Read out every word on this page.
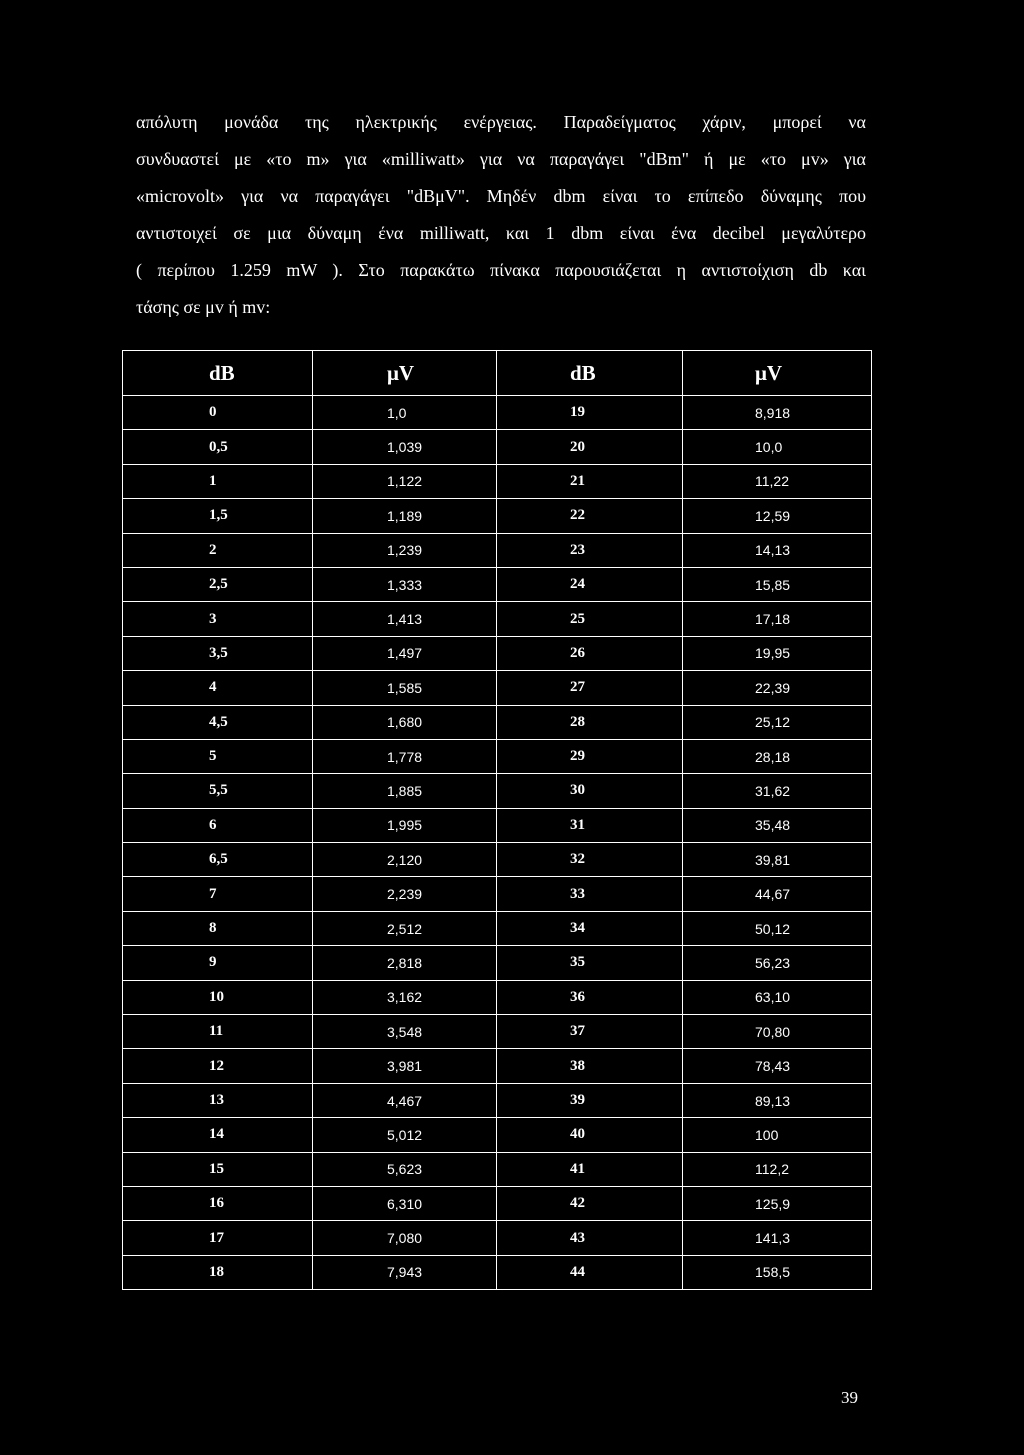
απόλυτη μονάδα της ηλεκτρικής ενέργειας. Παραδείγματος χάριν, μπορεί να
συνδυαστεί με «το m» για «milliwatt» για να παραγάγει "dBm" ή με «το μv» για
«microvolt» για να παραγάγει "dBμV". Μηδέν dbm είναι το επίπεδο δύναμης που
αντιστοιχεί σε μια δύναμη ένα milliwatt, και 1 dbm είναι ένα decibel μεγαλύτερο
( περίπου 1.259 mW ). Στο παρακάτω πίνακα παρουσιάζεται η αντιστοίχιση db και
τάσης σε μv ή mv:

dB	μV	dB	μV
0	1,0	19	8,918
0,5	1,039	20	10,0
1	1,122	21	11,22
1,5	1,189	22	12,59
2	1,239	23	14,13
2,5	1,333	24	15,85
3	1,413	25	17,18
3,5	1,497	26	19,95
4	1,585	27	22,39
4,5	1,680	28	25,12
5	1,778	29	28,18
5,5	1,885	30	31,62
6	1,995	31	35,48
6,5	2,120	32	39,81
7	2,239	33	44,67
8	2,512	34	50,12
9	2,818	35	56,23
10	3,162	36	63,10
11	3,548	37	70,80
12	3,981	38	78,43
13	4,467	39	89,13
14	5,012	40	100
15	5,623	41	112,2
16	6,310	42	125,9
17	7,080	43	141,3
18	7,943	44	158,5
39
